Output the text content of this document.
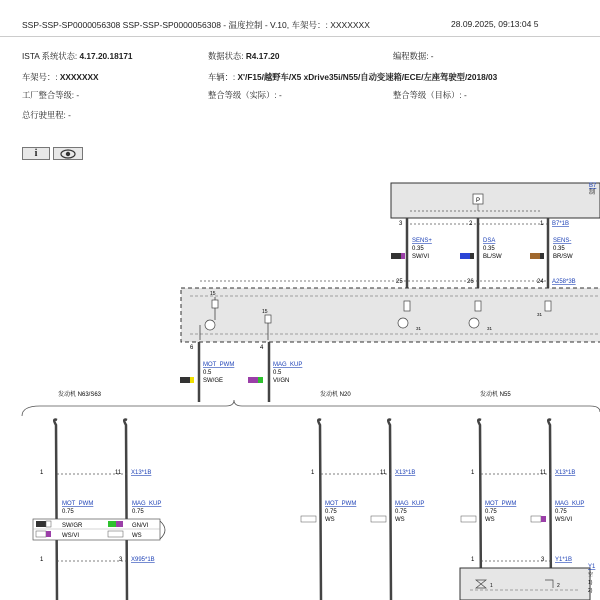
SSP-SSP-SP0000056308 SSP-SSP-SP0000056308 - 温度控制 - V.10, 车架号：: XXXXXXX	28.09.2025, 09:13:04 5
ISTA 系统状态: 4.17.20.18171	数据状态: R4.17.20	编程数据: -
车架号：: XXXXXXX	车辆：: X'/F15/越野车/X5 xDrive35i/N55/自动变速箱/ECE/左座驾驶型/2018/03
工厂整合等级: -	整合等级（实际）: -	整合等级（目标）: -
总行驶里程: -
i
P
B7
制
3	2	1 B7*1B
SENS+
0.35
SW/VI
DSA
0.35
BL/SW
SENS-
0.35
BR/SW
25	26	24 A258*3B
15
15
31	31
31
6	4
MOT_PWM
0.5
SW/GE
MAG_KUP
0.5
VI/GN
发动机 N63/S63	发动机 N20	发动机 N55
1	11 X13*1B	1	11 X13*1B	1	11 X13*1B
MOT_PWM
0.75
MAG_KUP
0.75
SW/GR	GN/VI
WS/VI	WS
1	3 X995*1B
MOT_PWM
0.75
WS
MAG_KUP
0.75
WS
MOT_PWM
0.75
WS
MAG_KUP
0.75
WS/VI
1	3 Y1*1B
1	2
Y1
空
1)
2)
